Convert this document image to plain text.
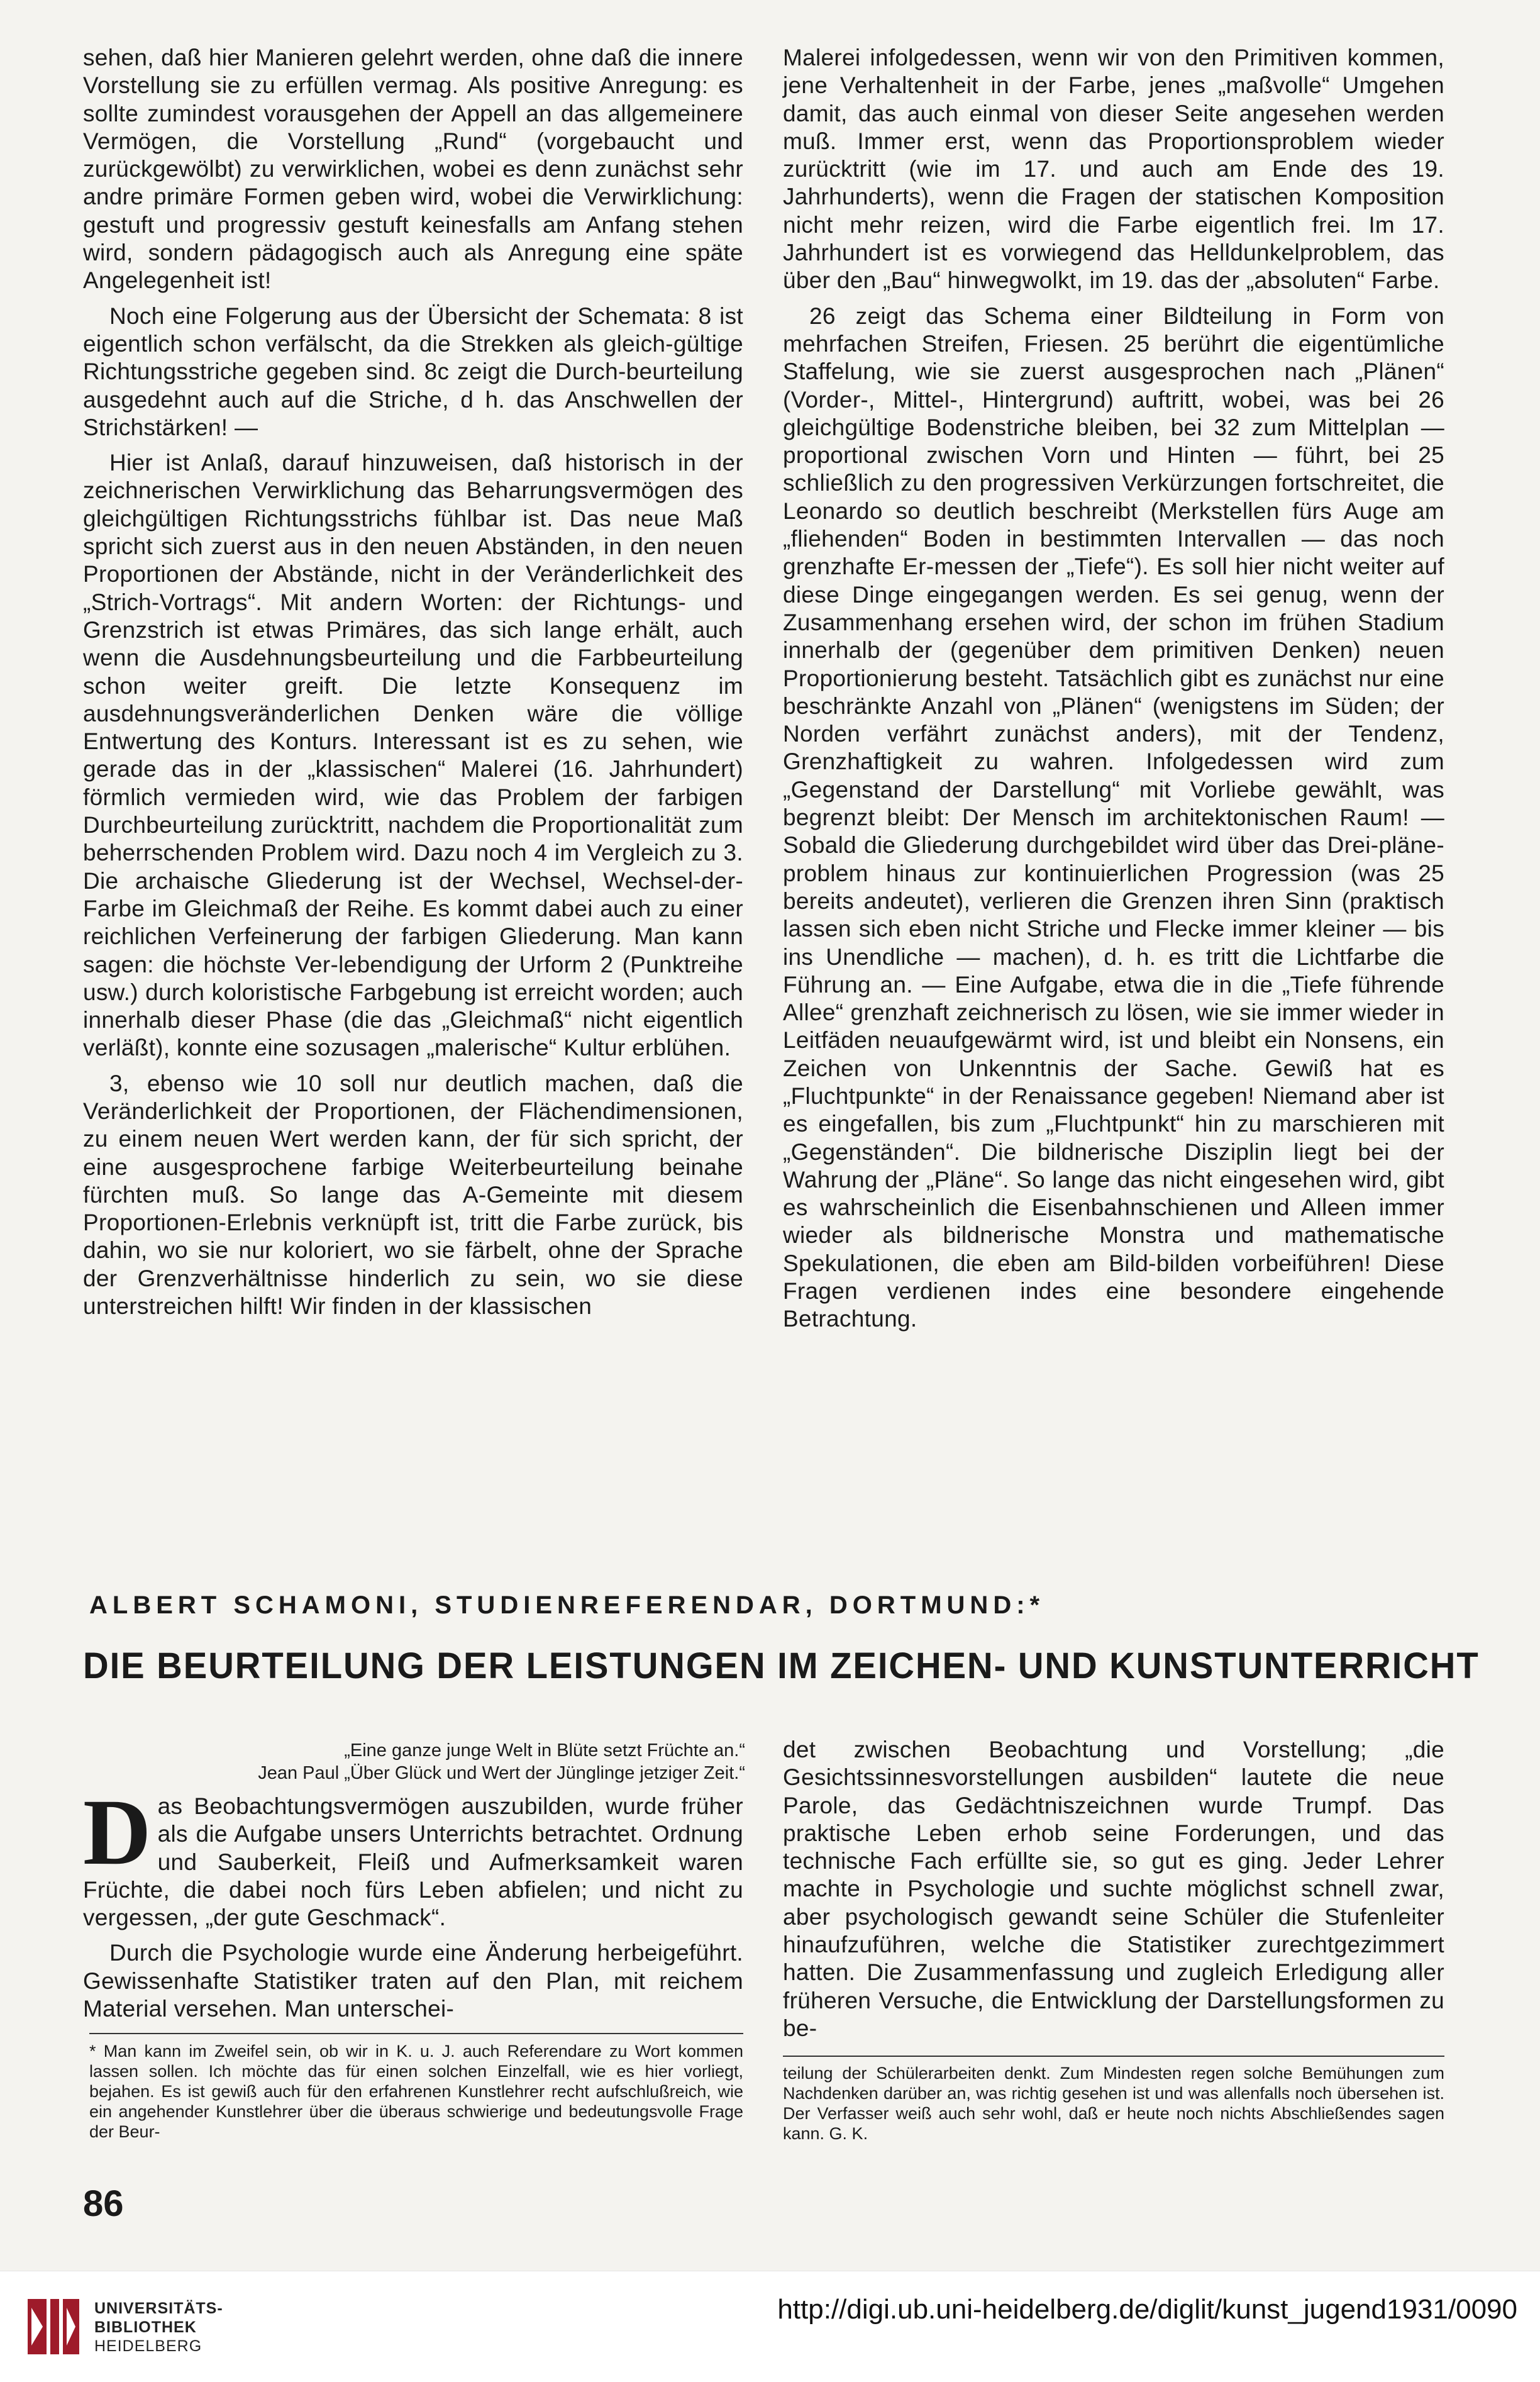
sehen, daß hier Manieren gelehrt werden, ohne daß die innere Vorstellung sie zu erfüllen vermag. Als positive Anregung: es sollte zumindest vorausgehen der Appell an das allgemeinere Vermögen, die Vorstellung „Rund“ (vorgebaucht und zurückgewölbt) zu verwirklichen, wobei es denn zunächst sehr andre primäre Formen geben wird, wobei die Verwirklichung: gestuft und progressiv gestuft keinesfalls am Anfang stehen wird, sondern pädagogisch auch als Anregung eine späte Angelegenheit ist!

Noch eine Folgerung aus der Übersicht der Schemata: 8 ist eigentlich schon verfälscht, da die Strekken als gleich-gültige Richtungsstriche gegeben sind. 8c zeigt die Durch-beurteilung ausgedehnt auch auf die Striche, d h. das Anschwellen der Strichstärken! —

Hier ist Anlaß, darauf hinzuweisen, daß historisch in der zeichnerischen Verwirklichung das Beharrungsvermögen des gleichgültigen Richtungsstrichs fühlbar ist. Das neue Maß spricht sich zuerst aus in den neuen Abständen, in den neuen Proportionen der Abstände, nicht in der Veränderlichkeit des „Strich-Vortrags“. Mit andern Worten: der Richtungs- und Grenzstrich ist etwas Primäres, das sich lange erhält, auch wenn die Ausdehnungsbeurteilung und die Farbbeurteilung schon weiter greift. Die letzte Konsequenz im ausdehnungsveränderlichen Denken wäre die völlige Entwertung des Konturs. Interessant ist es zu sehen, wie gerade das in der „klassischen“ Malerei (16. Jahrhundert) förmlich vermieden wird, wie das Problem der farbigen Durchbeurteilung zurücktritt, nachdem die Proportionalität zum beherrschenden Problem wird. Dazu noch 4 im Vergleich zu 3. Die archaische Gliederung ist der Wechsel, Wechsel-der-Farbe im Gleichmaß der Reihe. Es kommt dabei auch zu einer reichlichen Verfeinerung der farbigen Gliederung. Man kann sagen: die höchste Ver-lebendigung der Urform 2 (Punktreihe usw.) durch koloristische Farbgebung ist erreicht worden; auch innerhalb dieser Phase (die das „Gleichmaß“ nicht eigentlich verläßt), konnte eine sozusagen „malerische“ Kultur erblühen.

3, ebenso wie 10 soll nur deutlich machen, daß die Veränderlichkeit der Proportionen, der Flächendimensionen, zu einem neuen Wert werden kann, der für sich spricht, der eine ausgesprochene farbige Weiterbeurteilung beinahe fürchten muß. So lange das A-Gemeinte mit diesem Proportionen-Erlebnis verknüpft ist, tritt die Farbe zurück, bis dahin, wo sie nur koloriert, wo sie färbelt, ohne der Sprache der Grenzverhältnisse hinderlich zu sein, wo sie diese unterstreichen hilft! Wir finden in der klassischen

Malerei infolgedessen, wenn wir von den Primitiven kommen, jene Verhaltenheit in der Farbe, jenes „maßvolle“ Umgehen damit, das auch einmal von dieser Seite angesehen werden muß. Immer erst, wenn das Proportionsproblem wieder zurücktritt (wie im 17. und auch am Ende des 19. Jahrhunderts), wenn die Fragen der statischen Komposition nicht mehr reizen, wird die Farbe eigentlich frei. Im 17. Jahrhundert ist es vorwiegend das Helldunkelproblem, das über den „Bau“ hinwegwolkt, im 19. das der „absoluten“ Farbe.

26 zeigt das Schema einer Bildteilung in Form von mehrfachen Streifen, Friesen. 25 berührt die eigentümliche Staffelung, wie sie zuerst ausgesprochen nach „Plänen“ (Vorder-, Mittel-, Hintergrund) auftritt, wobei, was bei 26 gleichgültige Bodenstriche bleiben, bei 32 zum Mittelplan — proportional zwischen Vorn und Hinten — führt, bei 25 schließlich zu den progressiven Verkürzungen fortschreitet, die Leonardo so deutlich beschreibt (Merkstellen fürs Auge am „fliehenden“ Boden in bestimmten Intervallen — das noch grenzhafte Er-messen der „Tiefe“). Es soll hier nicht weiter auf diese Dinge eingegangen werden. Es sei genug, wenn der Zusammenhang ersehen wird, der schon im frühen Stadium innerhalb der (gegenüber dem primitiven Denken) neuen Proportionierung besteht. Tatsächlich gibt es zunächst nur eine beschränkte Anzahl von „Plänen“ (wenigstens im Süden; der Norden verfährt zunächst anders), mit der Tendenz, Grenzhaftigkeit zu wahren. Infolgedessen wird zum „Gegenstand der Darstellung“ mit Vorliebe gewählt, was begrenzt bleibt: Der Mensch im architektonischen Raum! — Sobald die Gliederung durchgebildet wird über das Drei-pläne-problem hinaus zur kontinuierlichen Progression (was 25 bereits andeutet), verlieren die Grenzen ihren Sinn (praktisch lassen sich eben nicht Striche und Flecke immer kleiner — bis ins Unendliche — machen), d. h. es tritt die Lichtfarbe die Führung an. — Eine Aufgabe, etwa die in die „Tiefe führende Allee“ grenzhaft zeichnerisch zu lösen, wie sie immer wieder in Leitfäden neuaufgewärmt wird, ist und bleibt ein Nonsens, ein Zeichen von Unkenntnis der Sache. Gewiß hat es „Fluchtpunkte“ in der Renaissance gegeben! Niemand aber ist es eingefallen, bis zum „Fluchtpunkt“ hin zu marschieren mit „Gegenständen“. Die bildnerische Disziplin liegt bei der Wahrung der „Pläne“. So lange das nicht eingesehen wird, gibt es wahrscheinlich die Eisenbahnschienen und Alleen immer wieder als bildnerische Monstra und mathematische Spekulationen, die eben am Bild-bilden vorbeiführen! Diese Fragen verdienen indes eine besondere eingehende Betrachtung.

ALBERT SCHAMONI, STUDIENREFERENDAR, DORTMUND:*
DIE BEURTEILUNG DER LEISTUNGEN IM ZEICHEN- UND KUNSTUNTERRICHT
„Eine ganze junge Welt in Blüte setzt Früchte an.“
Jean Paul „Über Glück und Wert der Jünglinge jetziger Zeit.“

Das Beobachtungsvermögen auszubilden, wurde früher als die Aufgabe unsers Unterrichts betrachtet. Ordnung und Sauberkeit, Fleiß und Aufmerksamkeit waren Früchte, die dabei noch fürs Leben abfielen; und nicht zu vergessen, „der gute Geschmack“.

Durch die Psychologie wurde eine Änderung herbeigeführt. Gewissenhafte Statistiker traten auf den Plan, mit reichem Material versehen. Man unterschei-

det zwischen Beobachtung und Vorstellung; „die Gesichtssinnesvorstellungen ausbilden“ lautete die neue Parole, das Gedächtniszeichnen wurde Trumpf. Das praktische Leben erhob seine Forderungen, und das technische Fach erfüllte sie, so gut es ging. Jeder Lehrer machte in Psychologie und suchte möglichst schnell zwar, aber psychologisch gewandt seine Schüler die Stufenleiter hinaufzuführen, welche die Statistiker zurechtgezimmert hatten. Die Zusammenfassung und zugleich Erledigung aller früheren Versuche, die Entwicklung der Darstellungsformen zu be-

* Man kann im Zweifel sein, ob wir in K. u. J. auch Referendare zu Wort kommen lassen sollen. Ich möchte das für einen solchen Einzelfall, wie es hier vorliegt, bejahen. Es ist gewiß auch für den erfahrenen Kunstlehrer recht aufschlußreich, wie ein angehender Kunstlehrer über die überaus schwierige und bedeutungsvolle Frage der Beur-
teilung der Schülerarbeiten denkt. Zum Mindesten regen solche Bemühungen zum Nachdenken darüber an, was richtig gesehen ist und was allenfalls noch übersehen ist. Der Verfasser weiß auch sehr wohl, daß er heute noch nichts Abschließendes sagen kann. G. K.
86
UNIVERSITÄTS-
BIBLIOTHEK
HEIDELBERG
http://digi.ub.uni-heidelberg.de/diglit/kunst_jugend1931/0090
